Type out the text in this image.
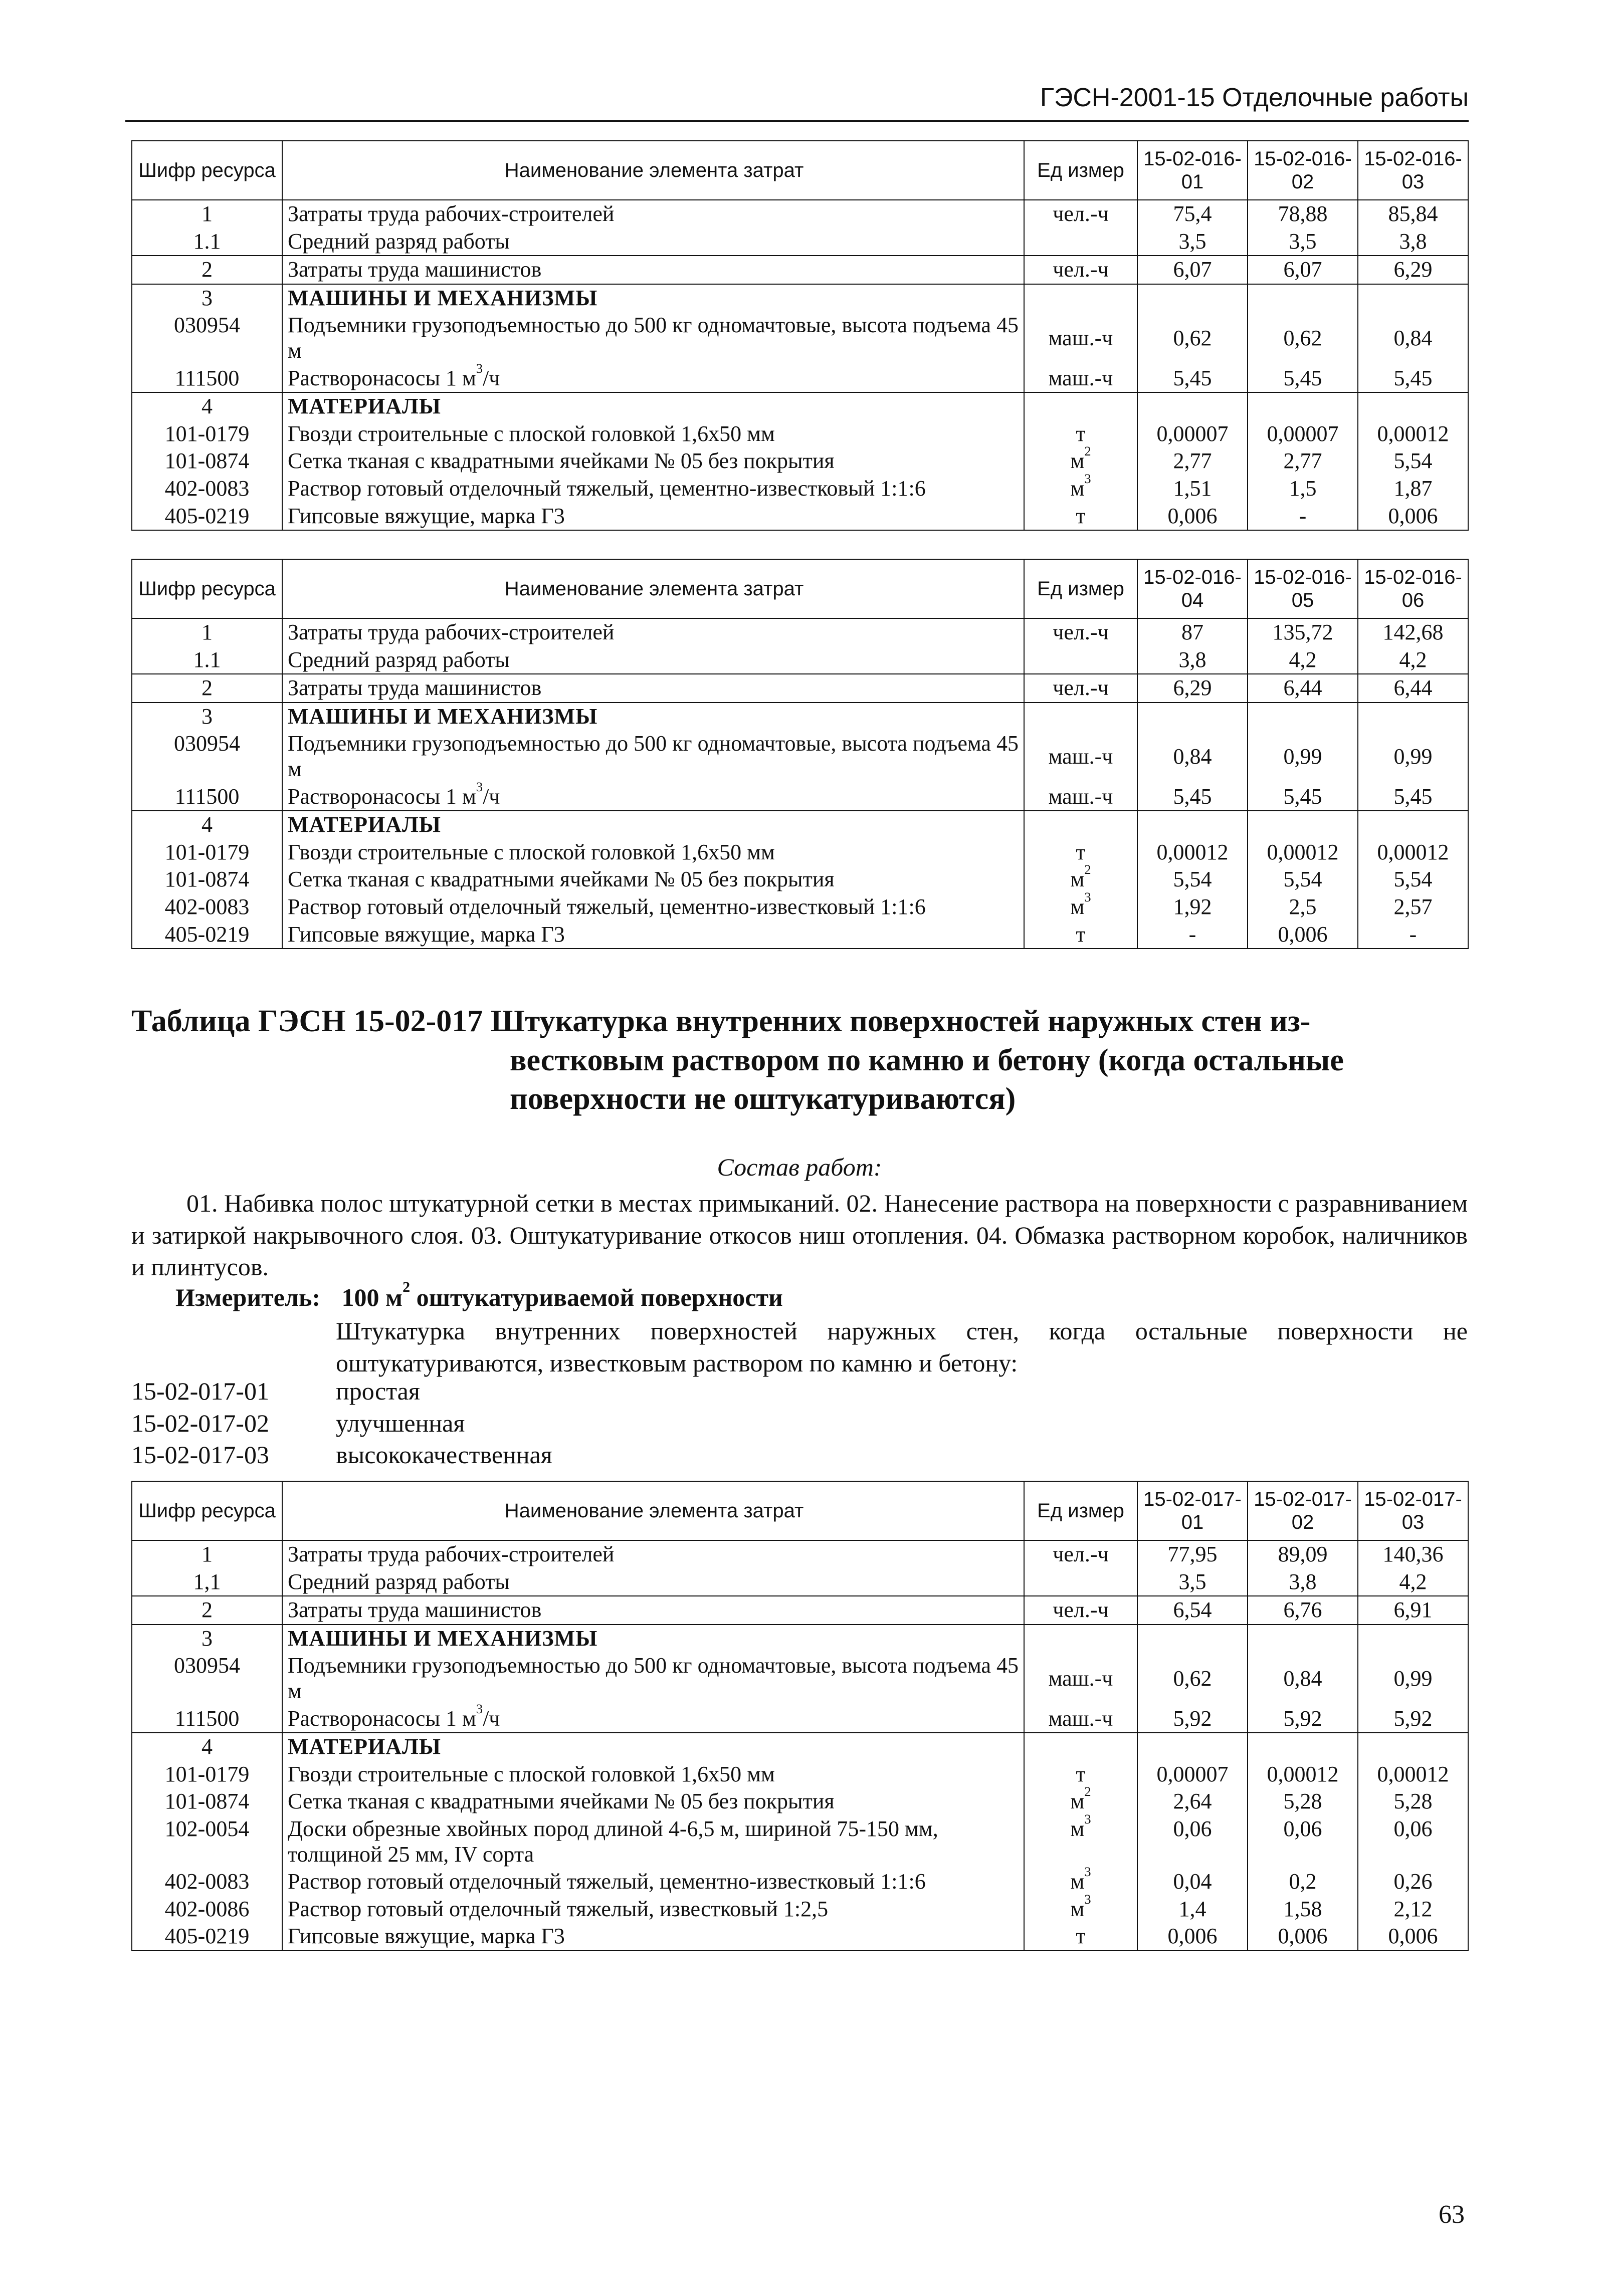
ГЭСН-2001-15 Отделочные работы
Шифр ресурса	Наименование элемента затрат	Ед измер	15-02-016-01	15-02-016-02	15-02-016-03
1	Затраты труда рабочих-строителей	чел.-ч	75,4	78,88	85,84
1.1	Средний разряд работы		3,5	3,5	3,8
2	Затраты труда машинистов	чел.-ч	6,07	6,07	6,29
3	МАШИНЫ И МЕХАНИЗМЫ				
030954	Подъемники грузоподъемностью до 500 кг одномачтовые, высота подъема 45 м	маш.-ч	0,62	0,62	0,84
111500	Растворонасосы 1 $м^3/ч$	маш.-ч	5,45	5,45	5,45
4	МАТЕРИАЛЫ				
101-0179	Гвозди строительные с плоской головкой 1,6х50 мм	т	0,00007	0,00007	0,00012
101-0874	Сетка тканая с квадратными ячейками № 05 без покрытия	$м^2$	2,77	2,77	5,54
402-0083	Раствор готовый отделочный тяжелый, цементно-известковый 1:1:6	$м^3$	1,51	1,5	1,87
405-0219	Гипсовые вяжущие, марка Г3	т	0,006	-	0,006
Шифр ресурса	Наименование элемента затрат	Ед измер	15-02-016-04	15-02-016-05	15-02-016-06
1	Затраты труда рабочих-строителей	чел.-ч	87	135,72	142,68
1.1	Средний разряд работы		3,8	4,2	4,2
2	Затраты труда машинистов	чел.-ч	6,29	6,44	6,44
3	МАШИНЫ И МЕХАНИЗМЫ				
030954	Подъемники грузоподъемностью до 500 кг одномачтовые, высота подъема 45 м	маш.-ч	0,84	0,99	0,99
111500	Растворонасосы 1 $м^3/ч$	маш.-ч	5,45	5,45	5,45
4	МАТЕРИАЛЫ				
101-0179	Гвозди строительные с плоской головкой 1,6х50 мм	т	0,00012	0,00012	0,00012
101-0874	Сетка тканая с квадратными ячейками № 05 без покрытия	$м^2$	5,54	5,54	5,54
402-0083	Раствор готовый отделочный тяжелый, цементно-известковый 1:1:6	$м^3$	1,92	2,5	2,57
405-0219	Гипсовые вяжущие, марка Г3	т	-	0,006	-
Таблица ГЭСН 15-02-017 Штукатурка внутренних поверхностей наружных стен из-
вестковым раствором по камню и бетону (когда остальные поверхности не оштукатуриваются)
Состав работ:
01. Набивка полос штукатурной сетки в местах примыканий. 02. Нанесение раствора на поверхности с разравниванием и затиркой накрывочного слоя. 03. Оштукатуривание откосов ниш отопления. 04. Обмазка растворном коробок, наличников и плинтусов.
Измеритель: 100 $м^2$ оштукатуриваемой поверхности
Штукатурка внутренних поверхностей наружных стен, когда остальные поверхности не оштукатуриваются, известковым раствором по камню и бетону:
15-02-017-01	простая
15-02-017-02	улучшенная
15-02-017-03	высококачественная
Шифр ресурса	Наименование элемента затрат	Ед измер	15-02-017-01	15-02-017-02	15-02-017-03
1	Затраты труда рабочих-строителей	чел.-ч	77,95	89,09	140,36
1,1	Средний разряд работы		3,5	3,8	4,2
2	Затраты труда машинистов	чел.-ч	6,54	6,76	6,91
3	МАШИНЫ И МЕХАНИЗМЫ				
030954	Подъемники грузоподъемностью до 500 кг одномачтовые, высота подъема 45 м	маш.-ч	0,62	0,84	0,99
111500	Растворонасосы 1 $м^3/ч$	маш.-ч	5,92	5,92	5,92
4	МАТЕРИАЛЫ				
101-0179	Гвозди строительные с плоской головкой 1,6х50 мм	т	0,00007	0,00012	0,00012
101-0874	Сетка тканая с квадратными ячейками № 05 без покрытия	$м^2$	2,64	5,28	5,28
102-0054	Доски обрезные хвойных пород длиной 4-6,5 м, шириной 75-150 мм, толщиной 25 мм, IV сорта	$м^3$	0,06	0,06	0,06
402-0083	Раствор готовый отделочный тяжелый, цементно-известковый 1:1:6	$м^3$	0,04	0,2	0,26
402-0086	Раствор готовый отделочный тяжелый, известковый 1:2,5	$м^3$	1,4	1,58	2,12
405-0219	Гипсовые вяжущие, марка Г3	т	0,006	0,006	0,006
63
